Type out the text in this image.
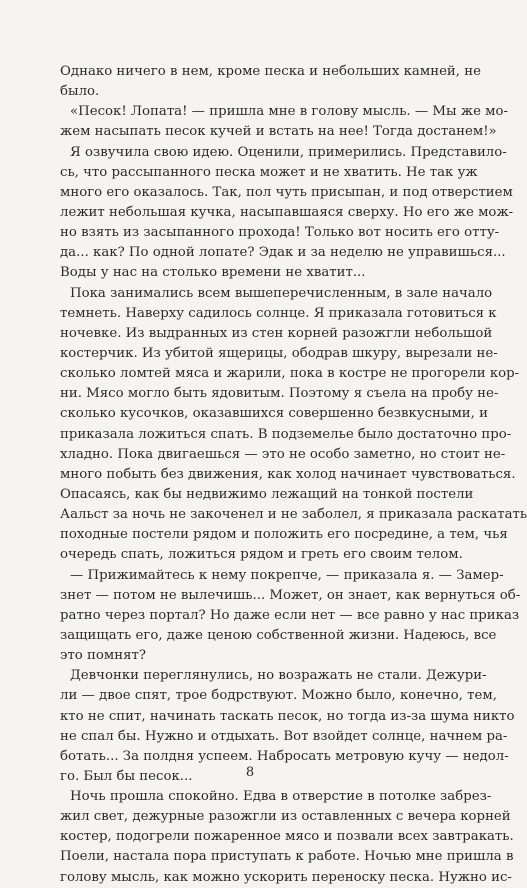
Однако ничего в нем, кроме песка и небольших камней, не
было.
«Песок! Лопата! — пришла мне в голову мысль. — Мы же мо-
жем насыпать песок кучей и встать на нее! Тогда достанем!»
Я озвучила свою идею. Оценили, примерились. Представило-
сь, что рассыпанного песка может и не хватить. Не так уж
много его оказалось. Так, пол чуть присыпан, и под отверстием
лежит небольшая кучка, насыпавшаяся сверху. Но его же мож-
но взять из засыпанного прохода! Только вот носить его отту-
да... как? По одной лопате? Эдак и за неделю не управишься...
Воды у нас на столько времени не хватит...
Пока занимались всем вышеперечисленным, в зале начало
темнеть. Наверху садилось солнце. Я приказала готовиться к
ночевке. Из выдранных из стен корней разожгли небольшой
костерчик. Из убитой ящерицы, ободрав шкуру, вырезали не-
сколько ломтей мяса и жарили, пока в костре не прогорели кор-
ни. Мясо могло быть ядовитым. Поэтому я съела на пробу не-
сколько кусочков, оказавшихся совершенно безвкусными, и
приказала ложиться спать. В подземелье было достаточно про-
хладно. Пока двигаешься — это не особо заметно, но стоит не-
много побыть без движения, как холод начинает чувствоваться.
Опасаясь, как бы недвижимо лежащий на тонкой постели
Аальст за ночь не закоченел и не заболел, я приказала раскатать
походные постели рядом и положить его посредине, а тем, чья
очередь спать, ложиться рядом и греть его своим телом.
— Прижимайтесь к нему покрепче, — приказала я. — Замер-
знет — потом не вылечишь... Может, он знает, как вернуться об-
ратно через портал? Но даже если нет — все равно у нас приказ
защищать его, даже ценою собственной жизни. Надеюсь, все
это помнят?
Девчонки переглянулись, но возражать не стали. Дежури-
ли — двое спят, трое бодрствуют. Можно было, конечно, тем,
кто не спит, начинать таскать песок, но тогда из-за шума никто
не спал бы. Нужно и отдыхать. Вот взойдет солнце, начнем ра-
ботать... За полдня успеем. Набросать метровую кучу — недол-
го. Был бы песок...
Ночь прошла спокойно. Едва в отверстие в потолке забрез-
жил свет, дежурные разожгли из оставленных с вечера корней
костер, подогрели пожаренное мясо и позвали всех завтракать.
Поели, настала пора приступать к работе. Ночью мне пришла в
голову мысль, как можно ускорить переноску песка. Нужно ис-
8
